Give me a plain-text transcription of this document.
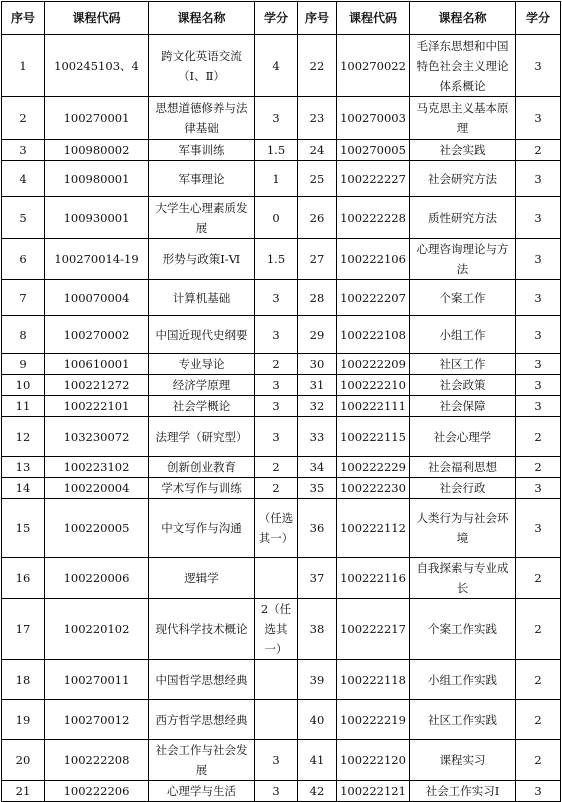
序号	课程代码	课程名称	学分	序号	课程代码	课程名称	学分
1	100245103、4	跨文化英语交流（Ⅰ、Ⅱ）	4	22	100270022	毛泽东思想和中国特色社会主义理论体系概论	3
2	100270001	思想道德修养与法律基础	3	23	100270003	马克思主义基本原理	3
3	100980002	军事训练	1.5	24	100270005	社会实践	2
4	100980001	军事理论	1	25	100222227	社会研究方法	3
5	100930001	大学生心理素质发展	0	26	100222228	质性研究方法	3
6	100270014-19	形势与政策Ⅰ-Ⅵ	1.5	27	100222106	心理咨询理论与方法	3
7	100070004	计算机基础	3	28	100222207	个案工作	3
8	100270002	中国近现代史纲要	3	29	100222108	小组工作	3
9	100610001	专业导论	2	30	100222209	社区工作	3
10	100221272	经济学原理	3	31	100222210	社会政策	3
11	100222101	社会学概论	3	32	100222111	社会保障	3
12	103230072	法理学（研究型）	3	33	100222115	社会心理学	2
13	100223102	创新创业教育	2	34	100222229	社会福利思想	2
14	100220004	学术写作与训练	2	35	100222230	社会行政	3
15	100220005	中文写作与沟通	（任选其一）	36	100222112	人类行为与社会环境	3
16	100220006	逻辑学		37	100222116	自我探索与专业成长	2
17	100220102	现代科学技术概论	2（任选其一）	38	100222217	个案工作实践	2
18	100270011	中国哲学思想经典		39	100222118	小组工作实践	2
19	100270012	西方哲学思想经典		40	100222219	社区工作实践	2
20	100222208	社会工作与社会发展	3	41	100222120	课程实习	2
21	100222206	心理学与生活	3	42	100222121	社会工作实习Ⅰ	3
